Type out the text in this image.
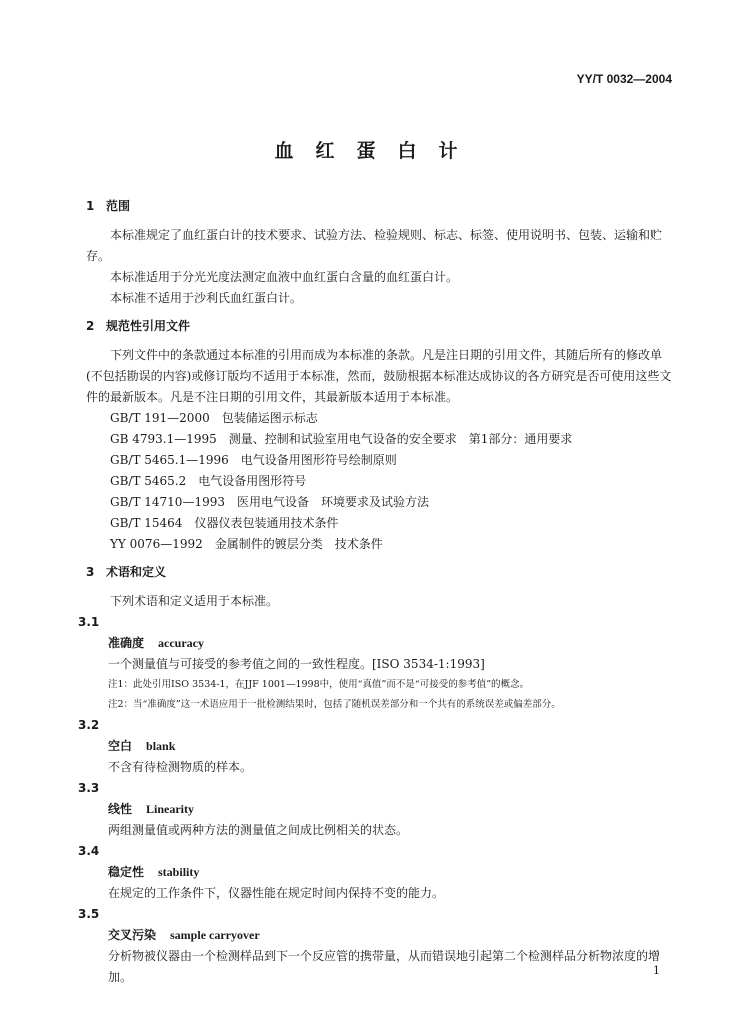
YY/T 0032—2004
血红蛋白计
1 范围

本标准规定了血红蛋白计的技术要求、试验方法、检验规则、标志、标签、使用说明书、包装、运输和贮存。

本标准适用于分光光度法测定血液中血红蛋白含量的血红蛋白计。

本标准不适用于沙利氏血红蛋白计。

2 规范性引用文件

下列文件中的条款通过本标准的引用而成为本标准的条款。凡是注日期的引用文件，其随后所有的修改单(不包括勘误的内容)或修订版均不适用于本标准，然而，鼓励根据本标准达成协议的各方研究是否可使用这些文件的最新版本。凡是不注日期的引用文件，其最新版本适用于本标准。

GB/T 191—2000 包装储运图示标志

GB 4793.1—1995 测量、控制和试验室用电气设备的安全要求　第1部分：通用要求

GB/T 5465.1—1996 电气设备用图形符号绘制原则

GB/T 5465.2 电气设备用图形符号

GB/T 14710—1993 医用电气设备　环境要求及试验方法

GB/T 15464 仪器仪表包装通用技术条件

YY 0076—1992 金属制件的镀层分类　技术条件

3 术语和定义

下列术语和定义适用于本标准。

3.1
准确度 accuracy

一个测量值与可接受的参考值之间的一致性程度。[ISO 3534-1:1993]

注1：此处引用ISO 3534-1，在JJF 1001—1998中，使用“真值”而不是“可接受的参考值”的概念。

注2：当“准确度”这一术语应用于一批检测结果时，包括了随机误差部分和一个共有的系统误差或偏差部分。

3.2
空白 blank

不含有待检测物质的样本。

3.3
线性 Linearity

两组测量值或两种方法的测量值之间成比例相关的状态。

3.4
稳定性 stability

在规定的工作条件下，仪器性能在规定时间内保持不变的能力。

3.5
交叉污染 sample carryover

分析物被仪器由一个检测样品到下一个反应管的携带量，从而错误地引起第二个检测样品分析物浓度的增加。	1
